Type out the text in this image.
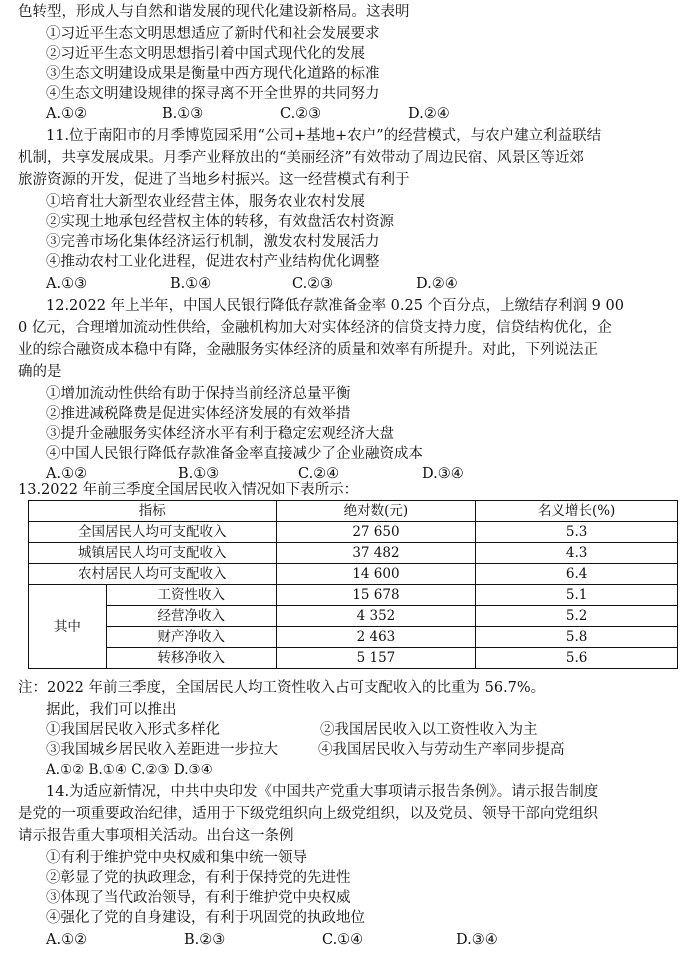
色转型，形成人与自然和谐发展的现代化建设新格局。这表明
①习近平生态文明思想适应了新时代和社会发展要求
②习近平生态文明思想指引着中国式现代化的发展
③生态文明建设成果是衡量中西方现代化道路的标准
④生态文明建设规律的探寻离不开全世界的共同努力
A.①②	B.①③	C.②③	D.②④
11.位于南阳市的月季博览园采用“公司+基地+农户”的经营模式，与农户建立利益联结
机制，共享发展成果。月季产业释放出的“美丽经济”有效带动了周边民宿、风景区等近郊
旅游资源的开发，促进了当地乡村振兴。这一经营模式有利于
①培育壮大新型农业经营主体，服务农业农村发展
②实现土地承包经营权主体的转移，有效盘活农村资源
③完善市场化集体经济运行机制，激发农村发展活力
④推动农村工业化进程，促进农村产业结构优化调整
A.①③	B.①④	C.②③	D.②④
12.2022 年上半年，中国人民银行降低存款准备金率 0.25 个百分点，上缴结存利润 9 00
0 亿元，合理增加流动性供给，金融机构加大对实体经济的信贷支持力度，信贷结构优化，企
业的综合融资成本稳中有降，金融服务实体经济的质量和效率有所提升。对此，下列说法正
确的是
①增加流动性供给有助于保持当前经济总量平衡
②推进减税降费是促进实体经济发展的有效举措
③提升金融服务实体经济水平有利于稳定宏观经济大盘
④中国人民银行降低存款准备金率直接减少了企业融资成本
A.①②	B.①③	C.②④	D.③④
13.2022 年前三季度全国居民收入情况如下表所示：
指标		绝对数(元)	名义增长(%)
全国居民人均可支配收入		27 650	5.3
城镇居民人均可支配收入		37 482	4.3
农村居民人均可支配收入		14 600	6.4
其中	工资性收入	15 678	5.1
	经营净收入	4 352	5.2
	财产净收入	2 463	5.8
	转移净收入	5 157	5.6
注：2022 年前三季度，全国居民人均工资性收入占可支配收入的比重为 56.7%。
据此，我们可以推出
①我国居民收入形式多样化	②我国居民收入以工资性收入为主
③我国城乡居民收入差距进一步拉大	④我国居民收入与劳动生产率同步提高
A.①② B.①④ C.②③ D.③④
14.为适应新情况，中共中央印发《中国共产党重大事项请示报告条例》。请示报告制度
是党的一项重要政治纪律，适用于下级党组织向上级党组织，以及党员、领导干部向党组织
请示报告重大事项相关活动。出台这一条例
①有利于维护党中央权威和集中统一领导
②彰显了党的执政理念，有利于保持党的先进性
③体现了当代政治领导，有利于维护党中央权威
④强化了党的自身建设，有利于巩固党的执政地位
A.①②	B.②③	C.①④	D.③④
